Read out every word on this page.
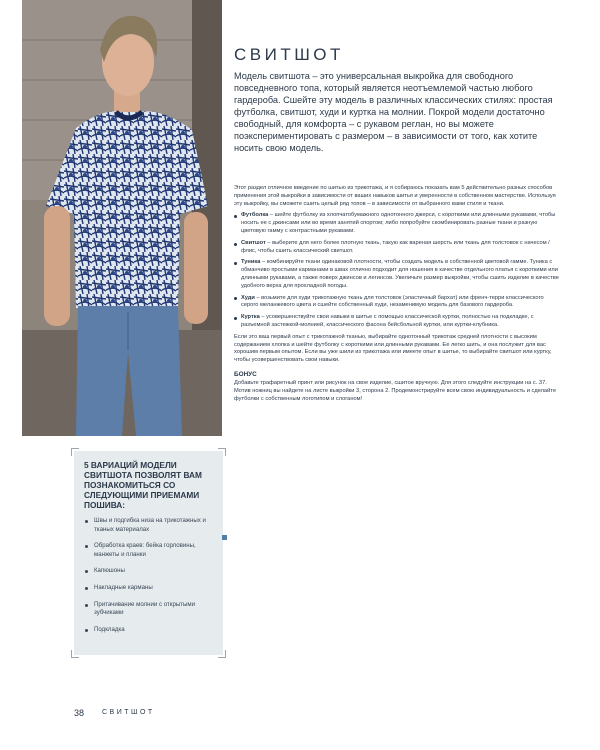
5 ВАРИАЦИЙ МОДЕЛИ СВИТШОТА ПОЗВОЛЯТ ВАМ ПОЗНАКОМИТЬСЯ СО СЛЕДУЮЩИМИ ПРИЕМАМИ ПОШИВА:
Швы и подгибка низа на трикотажных и тканых материалах
Обработка краев: бейка горловины, манжеты и планки
Капюшоны
Накладные карманы
Притачивание молнии с открытыми зубчиками
Подкладка
СВИТШОТ

Модель свитшота – это универсальная выкройка для свободного повседневного топа, который является неотъемлемой частью любого гардероба. Сшейте эту модель в различных классических стилях: простая футболка, свитшот, худи и куртка на молнии. Покрой модели достаточно свободный, для комфорта – с рукавом реглан, но вы можете поэкспериментировать с размером – в зависимости от того, как хотите носить свою модель.

Этот раздел отличное введение по шитью из трикотажа, и я собираюсь показать вам 5 действительно разных способов применения этой выкройки в зависимости от ваших навыков шитья и уверенности в собственном мастерстве. Используя эту выкройку, вы сможете сшить целый ряд топов – в зависимости от выбранного вами стиля и ткани.

Футболка – шейте футболку из хлопчатобумажного однотонного джерси, с короткими или длинными рукавами, чтобы носить ее с джинсами или во время занятий спортом; либо попробуйте скомбинировать разные ткани и разную цветовую гамму с контрастными рукавами.

Свитшот – выберите для него более плотную ткань, такую как вареная шерсть или ткань для толстовок с начесом / флис, чтобы сшить классический свитшот.

Туника – комбинируйте ткани одинаковой плотности, чтобы создать модель в собственной цветовой гамме. Туника с обманчиво простыми карманами в швах отлично подходит для ношения в качестве отдельного платья с короткими или длинными рукавами, а также поверх джинсов и легинсов. Увеличьте размер выкройки, чтобы сшить изделие в качестве удобного верха для прохладной погоды.

Худи – возьмите для худи трикотажную ткань для толстовок (эластичный бархат) или френч-терри классического серого меланжевого цвета и сшейте собственный худи, незаменимую модель для базового гардероба.

Куртка – усовершенствуйте свои навыки в шитье с помощью классической куртки, полностью на подкладке, с разъемной застежкой-молнией, классического фасона бейсбольной куртки, или куртки-клубника.

Если это ваш первый опыт с трикотажной тканью, выбирайте однотонный трикотаж средней плотности с высоким содержанием хлопка и шейте футболку с короткими или длинными рукавами. Ее легко шить, и она послужит для вас хорошим первым опытом. Если вы уже шили из трикотажа или имеете опыт в шитье, то выбирайте свитшот или куртку, чтобы усовершенствовать свои навыки.

БОНУС

Добавьте трафаретный принт или рисунок на свое изделие, сшитое вручную. Для этого следуйте инструкции на с. 37. Мотив ножниц вы найдете на листе выкройки 3, сторона 2. Продемонстрируйте всем свою индивидуальность и сделайте футболки с собственным логотипом и слоганом!

38	СВИТШОТ
